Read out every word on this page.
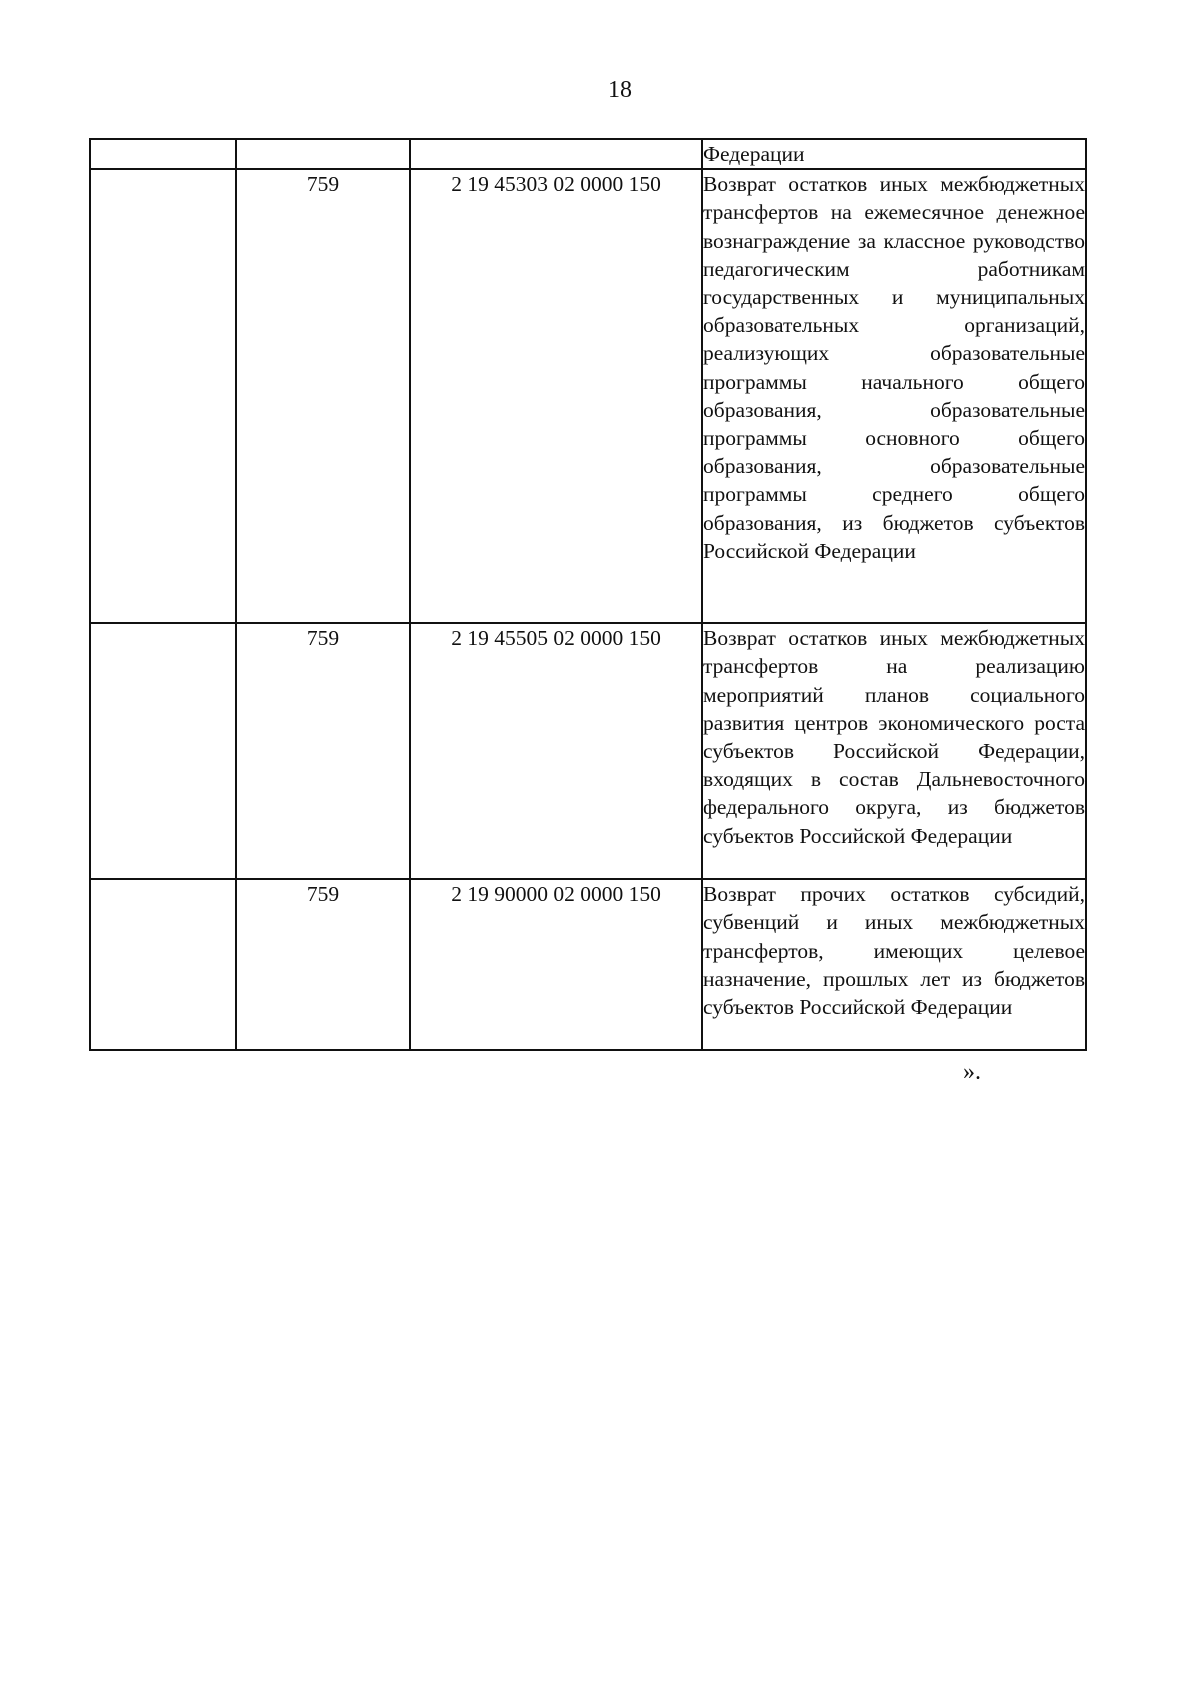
18

			Федерации

	759	2 19 45303 02 0000 150	Возврат остатков иных межбюджетных трансфертов на ежемесячное денежное вознаграждение за классное руководство педагогическим работникам государственных и муниципальных образовательных организаций, реализующих образовательные программы начального общего образования, образовательные программы основного общего образования, образовательные программы среднего общего образования, из бюджетов субъектов Российской Федерации

	759	2 19 45505 02 0000 150	Возврат остатков иных межбюджетных трансфертов на реализацию мероприятий планов социального развития центров экономического роста субъектов Российской Федерации, входящих в состав Дальневосточного федерального округа, из бюджетов субъектов Российской Федерации

	759	2 19 90000 02 0000 150	Возврат прочих остатков субсидий, субвенций и иных межбюджетных трансфертов, имеющих целевое назначение, прошлых лет из бюджетов субъектов Российской Федерации
».
